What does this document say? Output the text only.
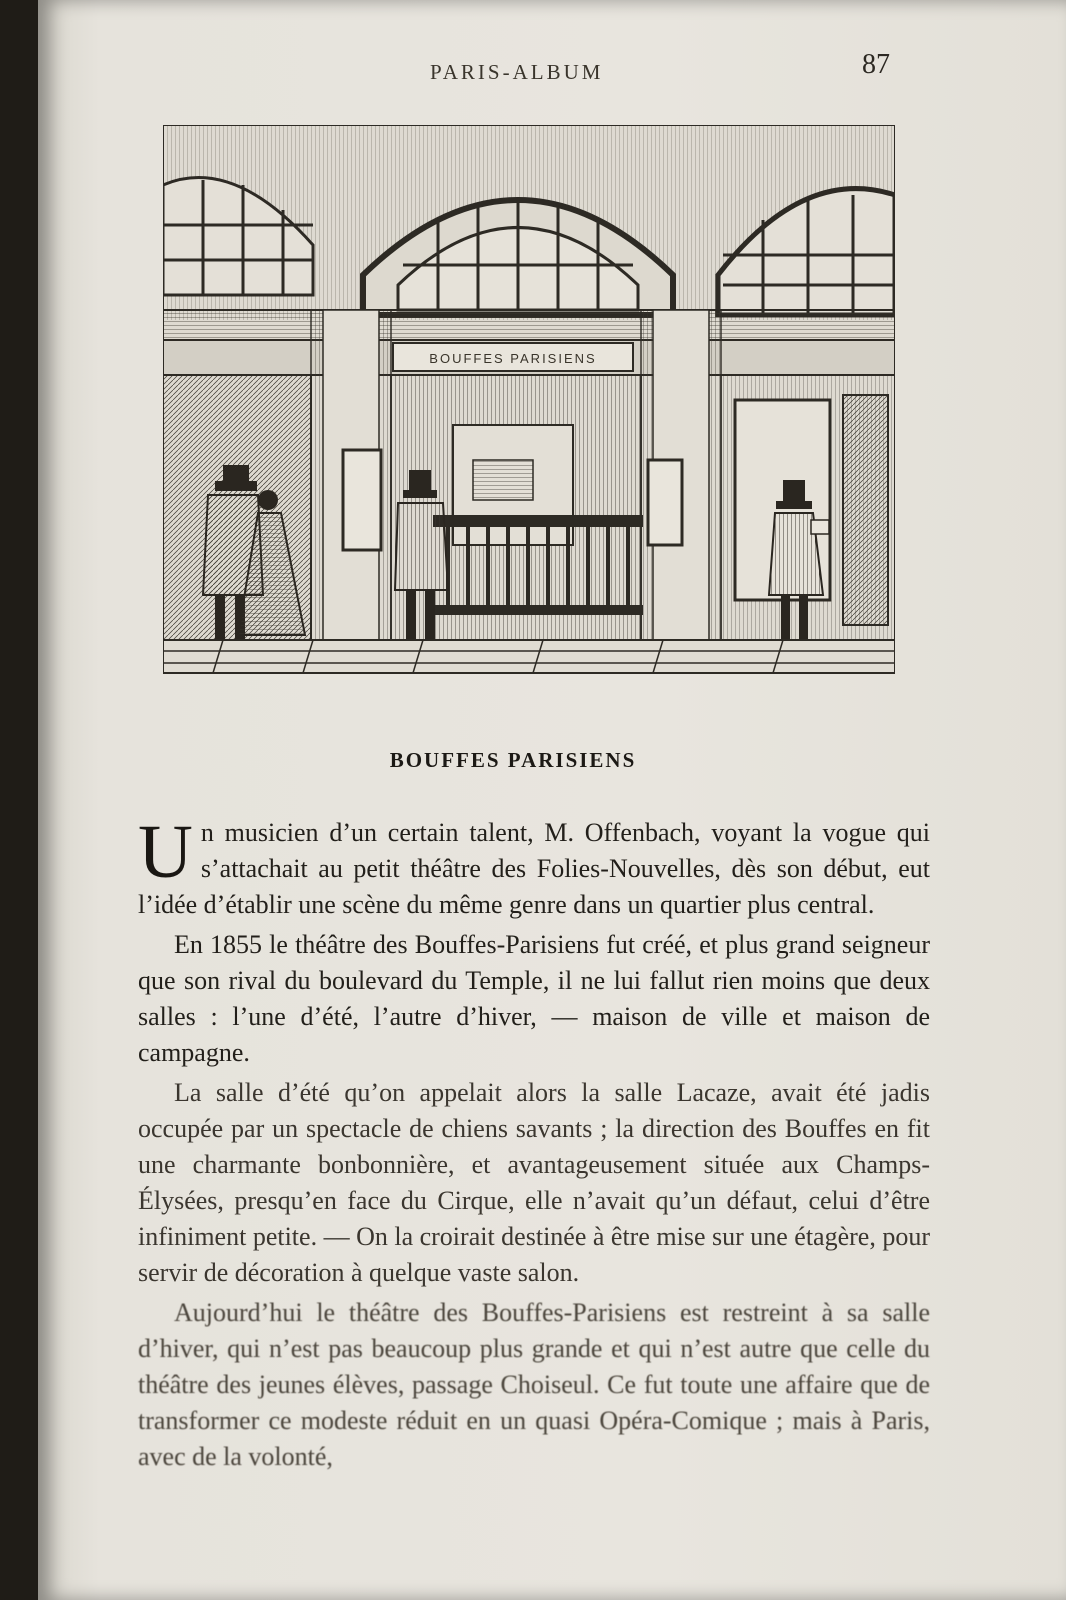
PARIS-ALBUM	87
BOUFFES PARISIENS
BOUFFES PARISIENS

Un musicien d’un certain talent, M. Offenbach, voyant la vogue qui s’attachait au petit théâtre des Folies-Nouvelles, dès son début, eut l’idée d’établir une scène du même genre dans un quartier plus central.

En 1855 le théâtre des Bouffes-Parisiens fut créé, et plus grand seigneur que son rival du boulevard du Temple, il ne lui fallut rien moins que deux salles : l’une d’été, l’autre d’hiver, — maison de ville et maison de campagne.

La salle d’été qu’on appelait alors la salle Lacaze, avait été jadis occupée par un spectacle de chiens savants ; la direction des Bouffes en fit une charmante bonbonnière, et avantageusement située aux Champs-Élysées, presqu’en face du Cirque, elle n’avait qu’un défaut, celui d’être infiniment petite. — On la croirait destinée à être mise sur une étagère, pour servir de décoration à quelque vaste salon.

Aujourd’hui le théâtre des Bouffes-Parisiens est restreint à sa salle d’hiver, qui n’est pas beaucoup plus grande et qui n’est autre que celle du théâtre des jeunes élèves, passage Choiseul. Ce fut toute une affaire que de transformer ce modeste réduit en un quasi Opéra-Comique ; mais à Paris, avec de la volonté,
